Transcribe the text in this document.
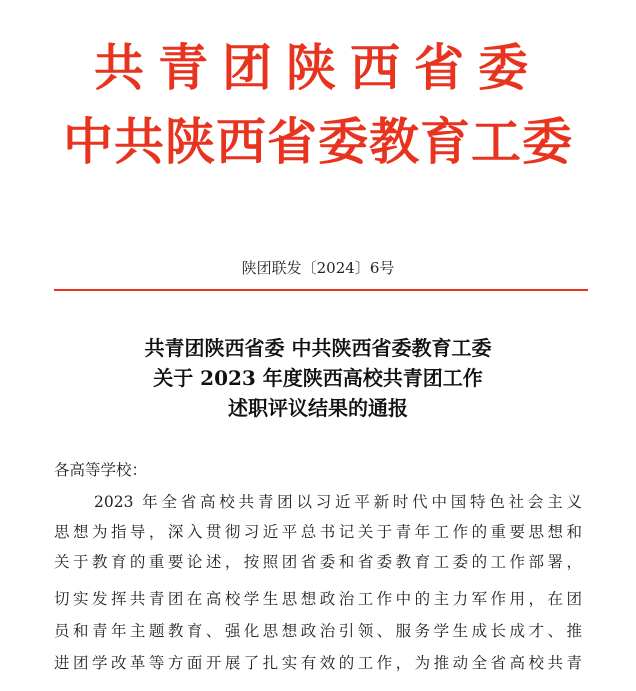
共青团陕西省委
中共陕西省委教育工委
陕团联发〔2024〕6号
共青团陕西省委 中共陕西省委教育工委
关于 2023 年度陕西高校共青团工作
述职评议结果的通报
各高等学校：
2023 年全省高校共青团以习近平新时代中国特色社会主义
思想为指导，深入贯彻习近平总书记关于青年工作的重要思想和
关于教育的重要论述，按照团省委和省委教育工委的工作部署，
切实发挥共青团在高校学生思想政治工作中的主力军作用，在团
员和青年主题教育、强化思想政治引领、服务学生成长成才、推
进团学改革等方面开展了扎实有效的工作，为推动全省高校共青
